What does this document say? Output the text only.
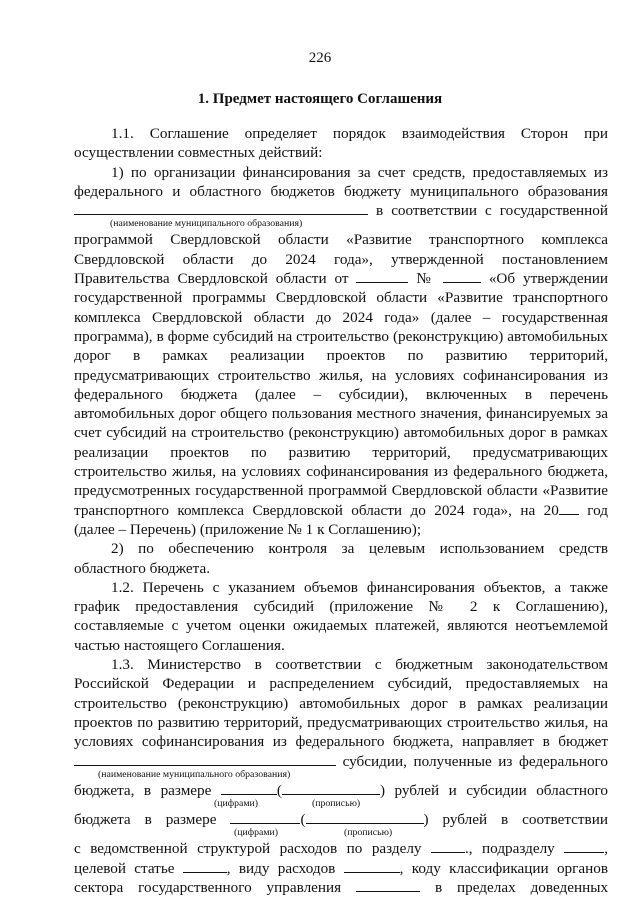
226
1. Предмет настоящего Соглашения
1.1. Соглашение определяет порядок взаимодействия Сторон при
осуществлении совместных действий:
1) по организации финансирования за счет средств, предоставляемых из
федерального и областного бюджетов бюджету муниципального образования
в соответствии с государственной
(наименование муниципального образования)
программой Свердловской области «Развитие транспортного комплекса
Свердловской области до 2024 года», утвержденной постановлением
Правительства Свердловской области от	№	«Об утверждении
государственной программы Свердловской области «Развитие транспортного
комплекса Свердловской области до 2024 года» (далее – государственная
программа), в форме субсидий на строительство (реконструкцию) автомобильных
дорог в рамках реализации проектов по развитию территорий,
предусматривающих строительство жилья, на условиях софинансирования из
федерального бюджета (далее – субсидии), включенных в перечень
автомобильных дорог общего пользования местного значения, финансируемых за
счет субсидий на строительство (реконструкцию) автомобильных дорог в рамках
реализации проектов по развитию территорий, предусматривающих
строительство жилья, на условиях софинансирования из федерального бюджета,
предусмотренных государственной программой Свердловской области «Развитие
транспортного комплекса Свердловской области до 2024 года», на 20 год
(далее – Перечень) (приложение № 1 к Соглашению);
2) по обеспечению контроля за целевым использованием средств
областного бюджета.
1.2. Перечень с указанием объемов финансирования объектов, а также
график предоставления субсидий (приложение № 2 к Соглашению),
составляемые с учетом оценки ожидаемых платежей, являются неотъемлемой
частью настоящего Соглашения.
1.3. Министерство в соответствии с бюджетным законодательством
Российской Федерации и распределением субсидий, предоставляемых на
строительство (реконструкцию) автомобильных дорог в рамках реализации
проектов по развитию территорий, предусматривающих строительство жилья, на
условиях софинансирования из федерального бюджета, направляет в бюджет
субсидии, полученные из федерального
(наименование муниципального образования)
бюджета, в размере	(	) рублей и субсидии областного
(цифрами)	(прописью)
бюджета в размере	(	) рублей в соответствии
(цифрами)	(прописью)
с ведомственной структурой расходов по разделу	., подразделу	,
целевой статье	, виду расходов	, коду классификации органов
сектора государственного управления	в пределах доведенных
